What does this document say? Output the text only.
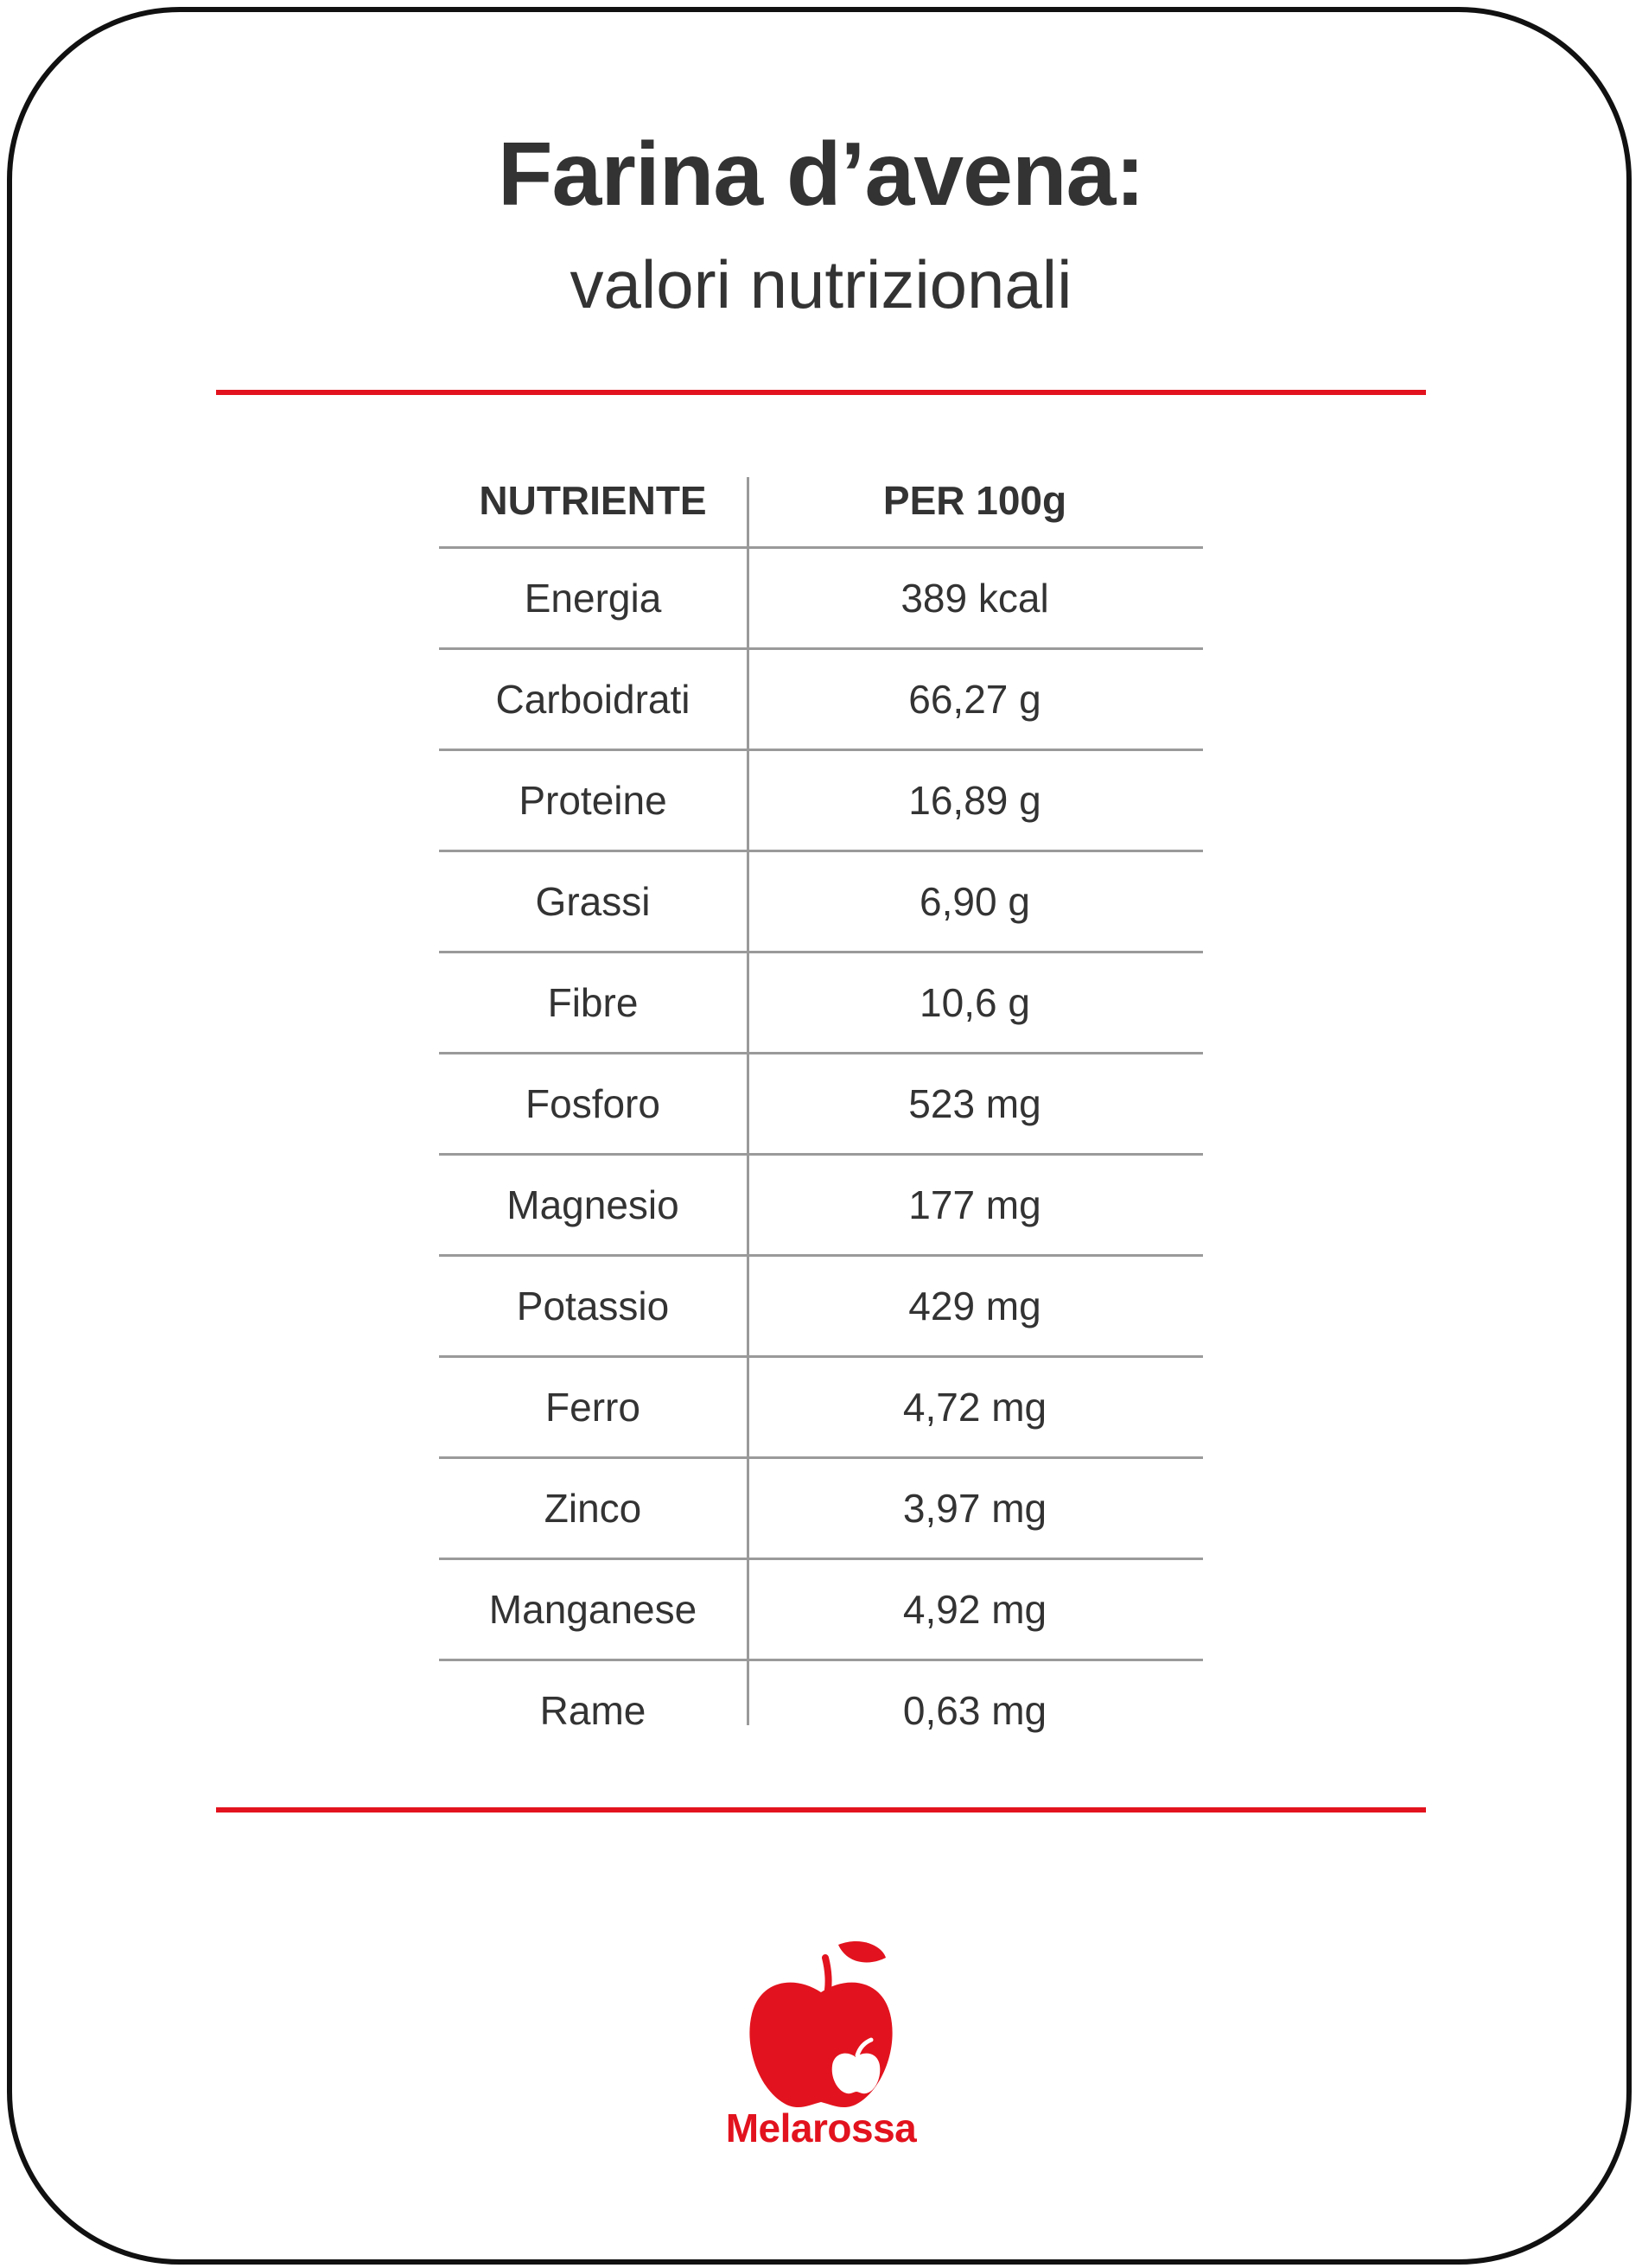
Farina d’avena:
valori nutrizionali
NUTRIENTE	PER 100g
Energia	389 kcal
Carboidrati	66,27 g
Proteine	16,89 g
Grassi	6,90 g
Fibre	10,6 g
Fosforo	523 mg
Magnesio	177 mg
Potassio	429 mg
Ferro	4,72 mg
Zinco	3,97 mg
Manganese	4,92 mg
Rame	0,63 mg
Melarossa
